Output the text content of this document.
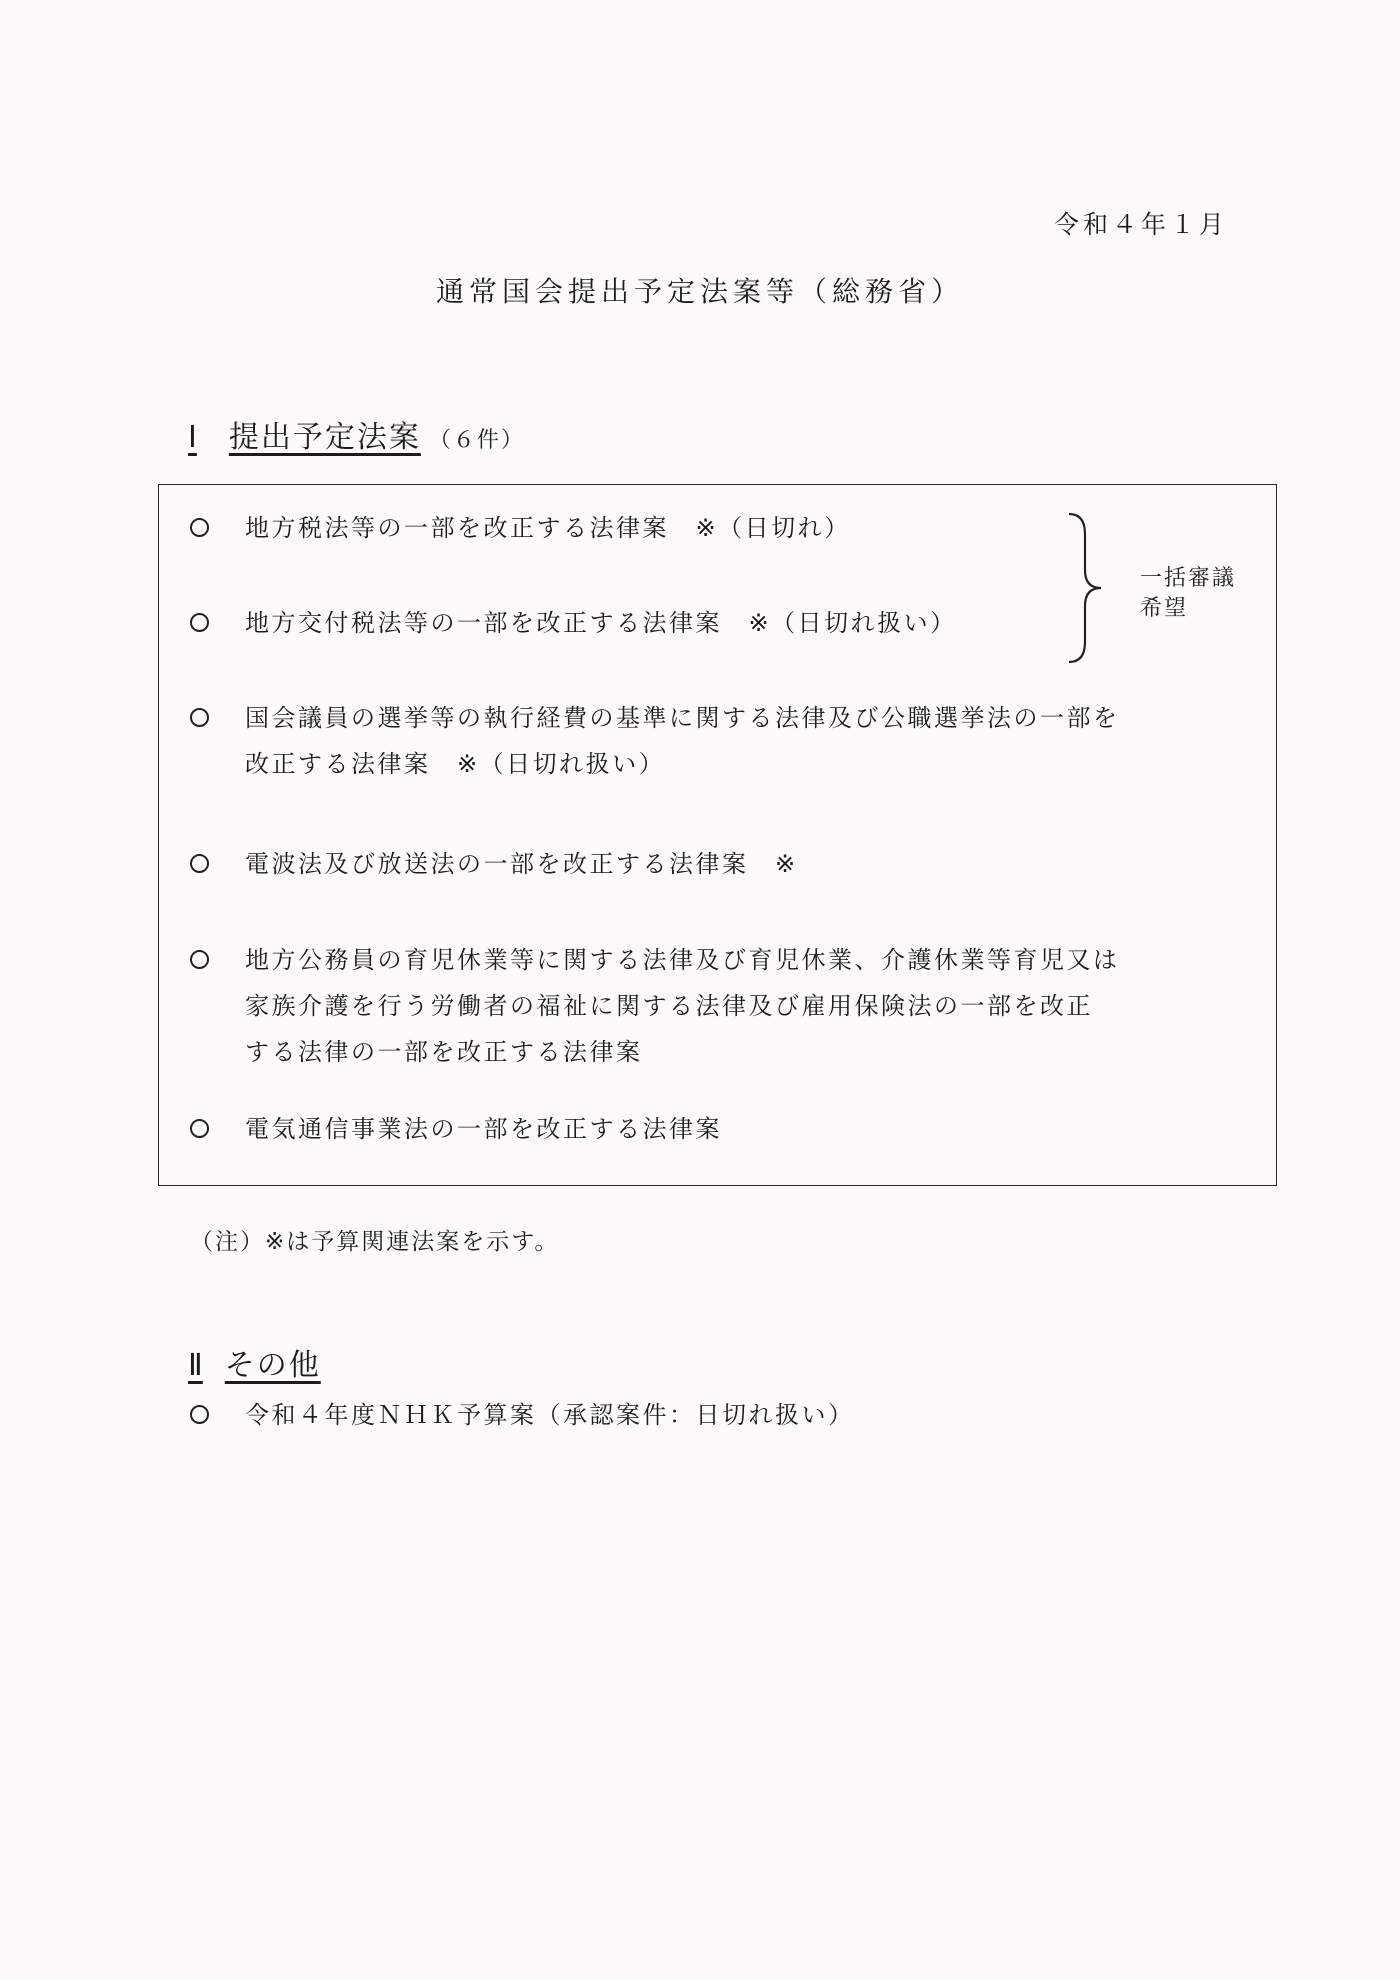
令和４年１月
通常国会提出予定法案等（総務省）
Ⅰ 提出予定法案 （６件）
地方税法等の一部を改正する法律案　※（日切れ）
地方交付税法等の一部を改正する法律案　※（日切れ扱い）
一括審議
希望
国会議員の選挙等の執行経費の基準に関する法律及び公職選挙法の一部を
改正する法律案　※（日切れ扱い）
電波法及び放送法の一部を改正する法律案　※
地方公務員の育児休業等に関する法律及び育児休業、介護休業等育児又は
家族介護を行う労働者の福祉に関する法律及び雇用保険法の一部を改正
する法律の一部を改正する法律案
電気通信事業法の一部を改正する法律案
（注）※は予算関連法案を示す。
Ⅱ その他
令和４年度ＮＨＫ予算案（承認案件：日切れ扱い）
